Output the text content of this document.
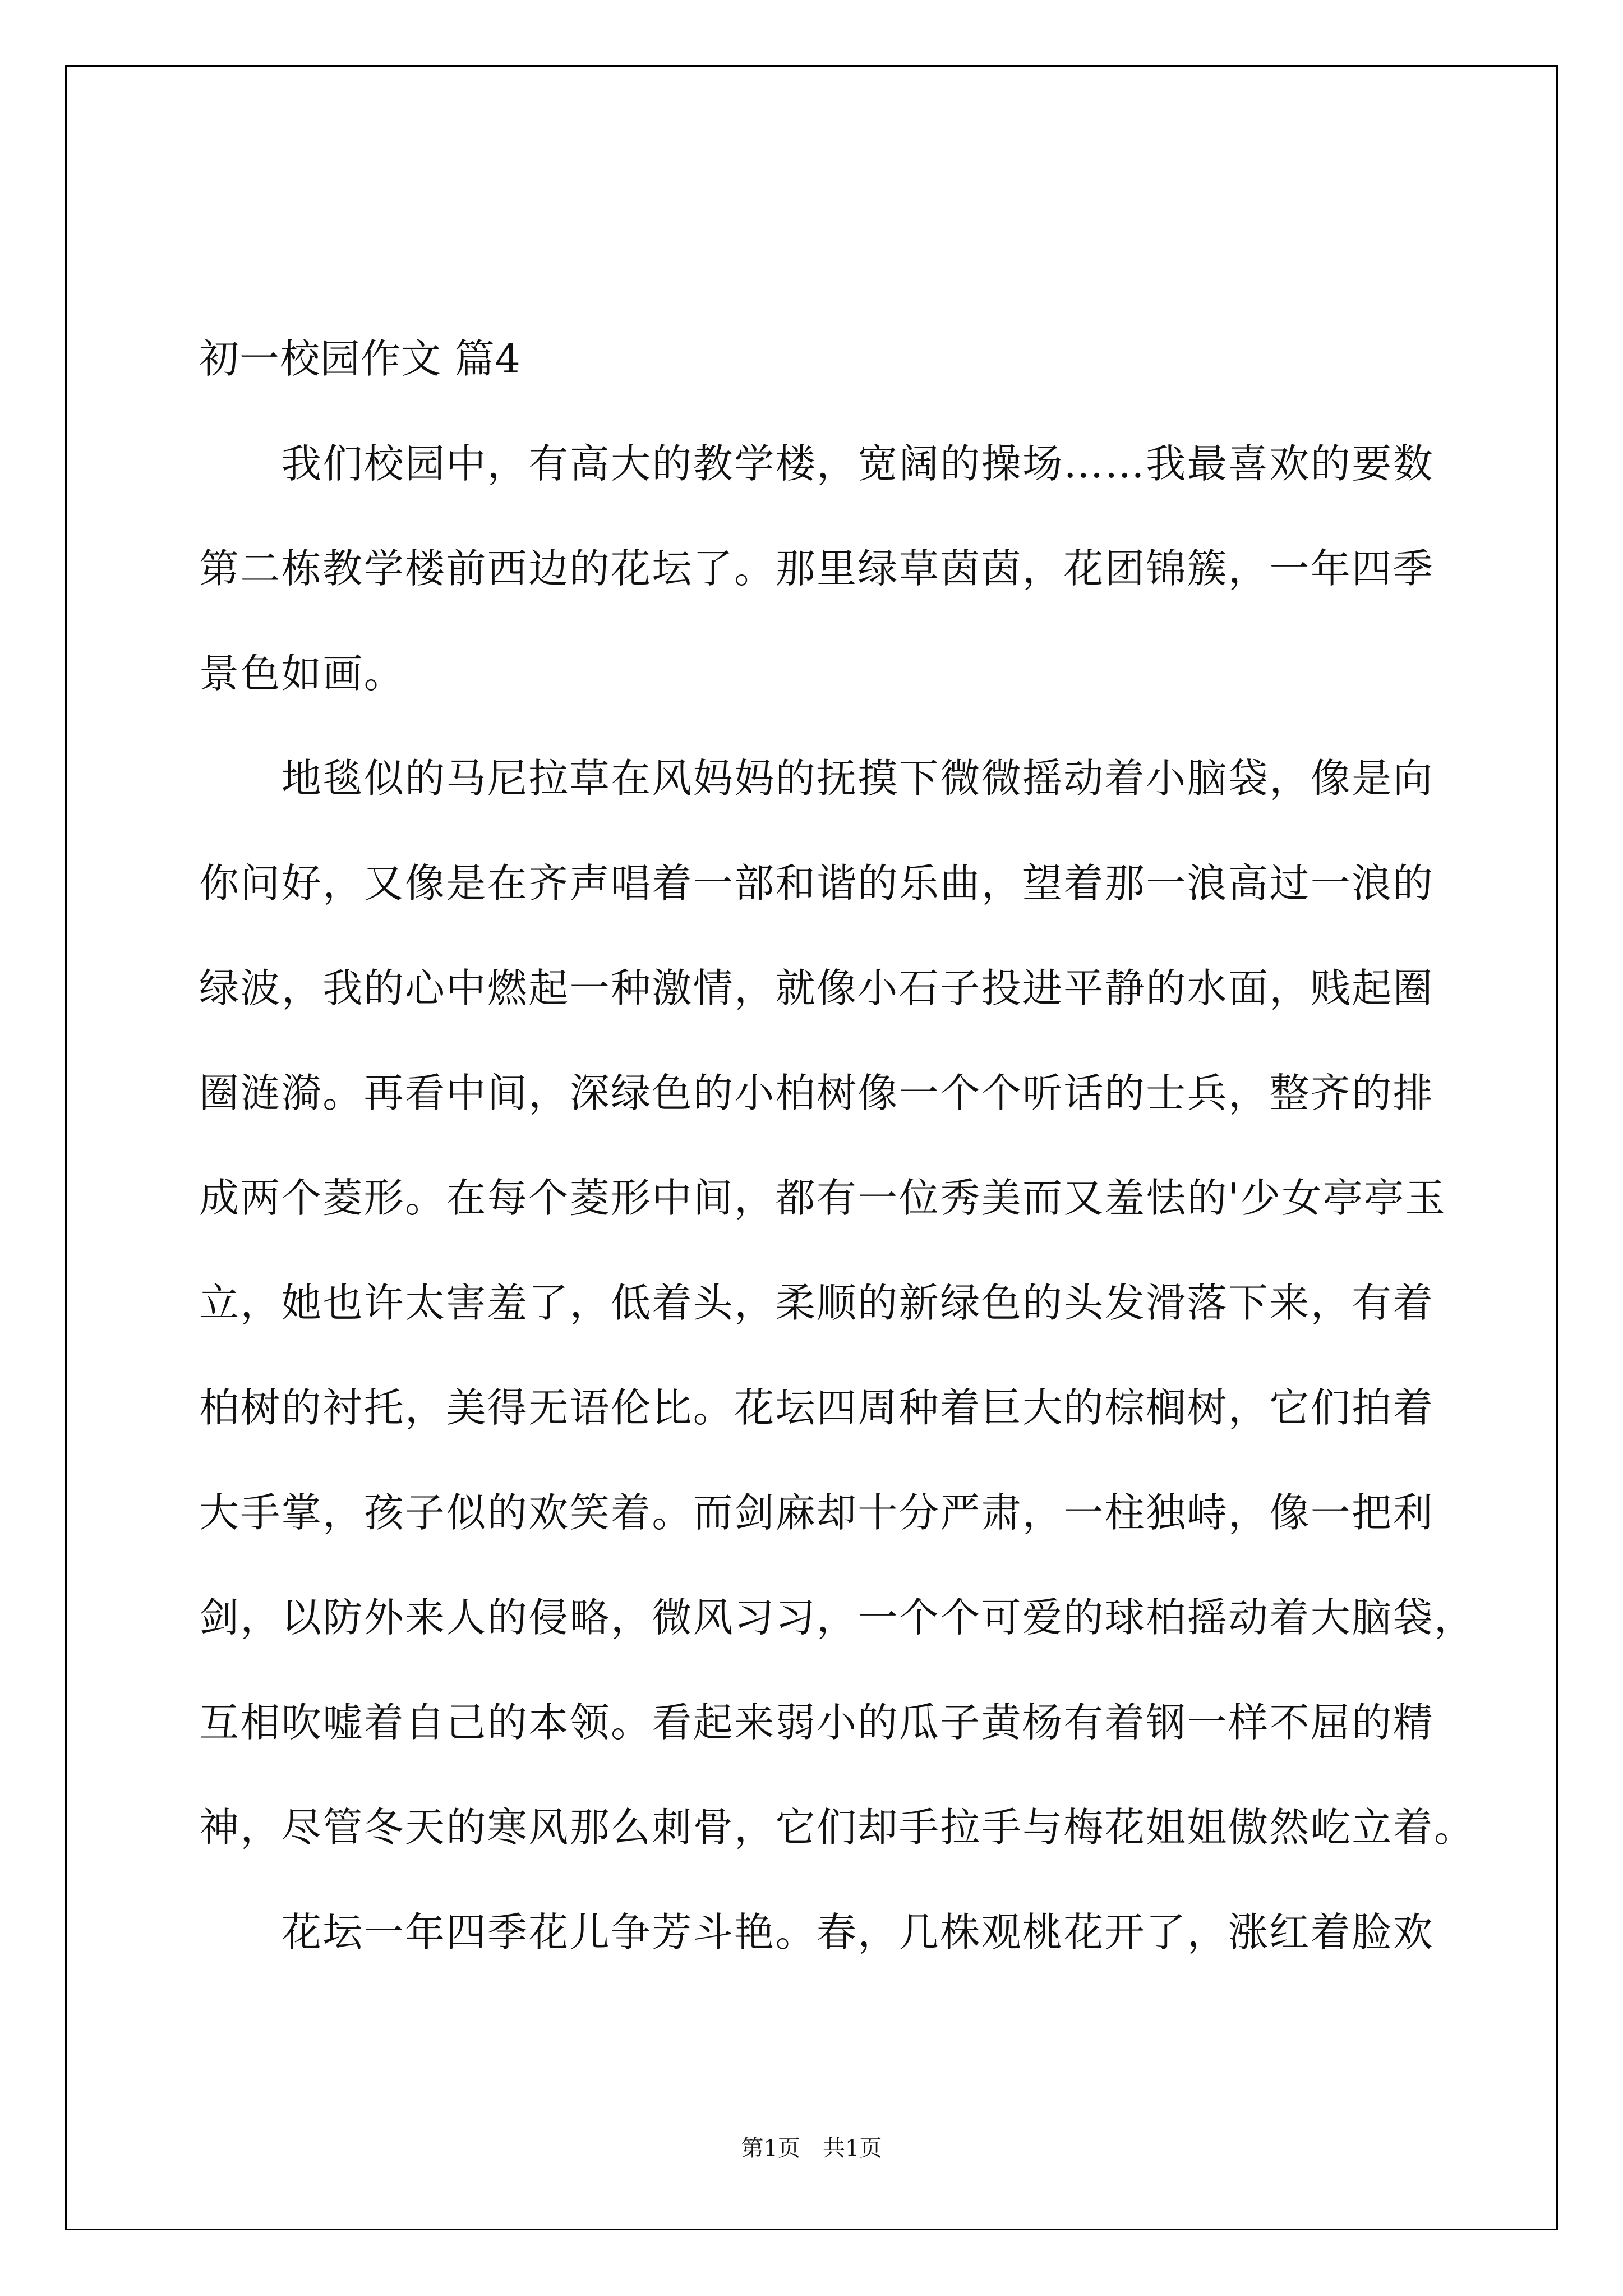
初一校园作文 篇4
　　我们校园中，有高大的教学楼，宽阔的操场……我最喜欢的要数
第二栋教学楼前西边的花坛了。那里绿草茵茵，花团锦簇，一年四季
景色如画。
　　地毯似的马尼拉草在风妈妈的抚摸下微微摇动着小脑袋，像是向
你问好，又像是在齐声唱着一部和谐的乐曲，望着那一浪高过一浪的
绿波，我的心中燃起一种激情，就像小石子投进平静的水面，贱起圈
圈涟漪。再看中间，深绿色的小柏树像一个个听话的士兵，整齐的排
成两个菱形。在每个菱形中间，都有一位秀美而又羞怯的'少女亭亭玉
立，她也许太害羞了，低着头，柔顺的新绿色的头发滑落下来，有着
柏树的衬托，美得无语伦比。花坛四周种着巨大的棕榈树，它们拍着
大手掌，孩子似的欢笑着。而剑麻却十分严肃，一柱独峙，像一把利
剑，以防外来人的侵略，微风习习，一个个可爱的球柏摇动着大脑袋，
互相吹嘘着自己的本领。看起来弱小的瓜子黄杨有着钢一样不屈的精
神，尽管冬天的寒风那么刺骨，它们却手拉手与梅花姐姐傲然屹立着。
　　花坛一年四季花儿争芳斗艳。春，几株观桃花开了，涨红着脸欢
第1页　共1页
